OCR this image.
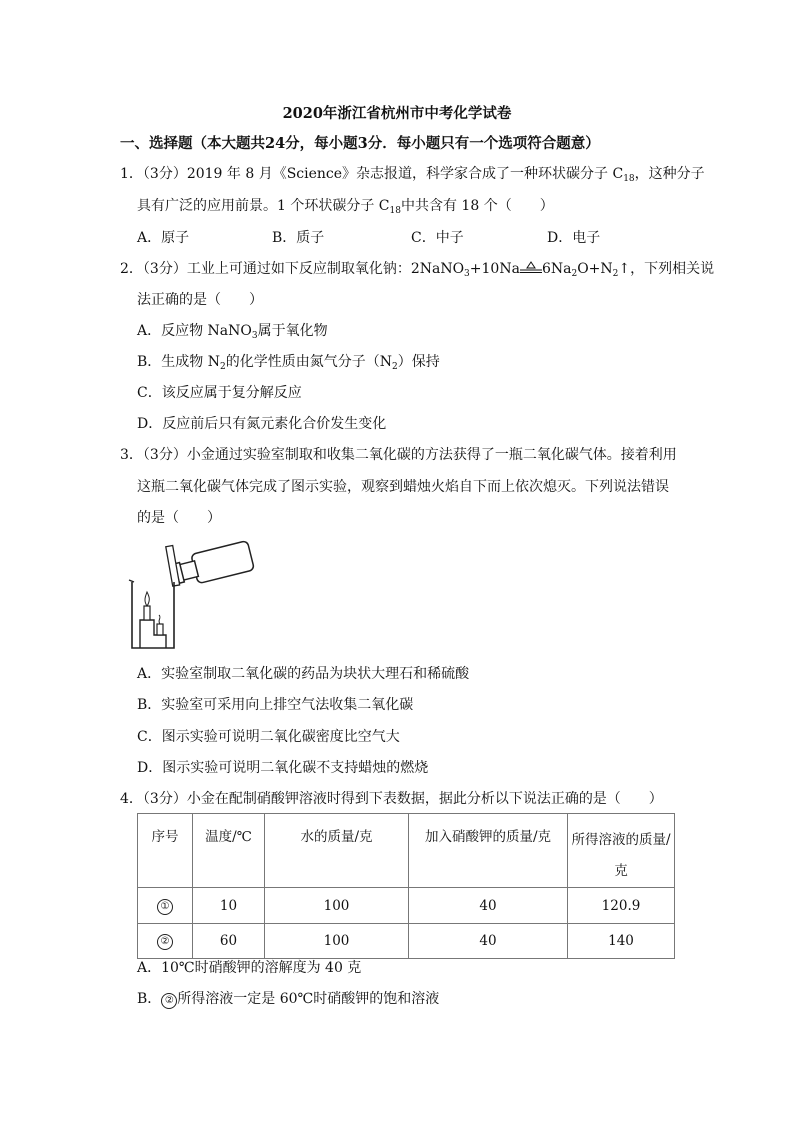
2020年浙江省杭州市中考化学试卷
一、选择题（本大题共24分，每小题3分．每小题只有一个选项符合题意）
1．（3分）2019 年 8 月《Science》杂志报道，科学家合成了一种环状碳分子 $C_{18}$，这种分子
具有广泛的应用前景。1 个环状碳分子 $C_{18}$中共含有 18 个（　　）
A．原子	B．质子	C．中子	D．电子
2．（3分）工业上可通过如下反应制取氧化钠：2NaNO$_3$+10Na $6Na_2O+N_2↑$，下列相关说
法正确的是（　　）
A．反应物 NaNO$_3$属于氧化物
B．生成物 $N_2$的化学性质由氮气分子$(N_2)$保持
C．该反应属于复分解反应
D．反应前后只有氮元素化合价发生变化
3．（3分）小金通过实验室制取和收集二氧化碳的方法获得了一瓶二氧化碳气体。接着利用
这瓶二氧化碳气体完成了图示实验，观察到蜡烛火焰自下而上依次熄灭。下列说法错误
的是（　　）
A．实验室制取二氧化碳的药品为块状大理石和稀硫酸
B．实验室可采用向上排空气法收集二氧化碳
C．图示实验可说明二氧化碳密度比空气大
D．图示实验可说明二氧化碳不支持蜡烛的燃烧
4．（3分）小金在配制硝酸钾溶液时得到下表数据，据此分析以下说法正确的是（　　）
序号	温度/℃	水的质量/克	加入硝酸钾的质量/克	所得溶液的质量/
克
①	10	100	40	120.9
②	60	100	40	140
A．10℃时硝酸钾的溶解度为 40 克
B． ② 所得溶液一定是 60℃时硝酸钾的饱和溶液
